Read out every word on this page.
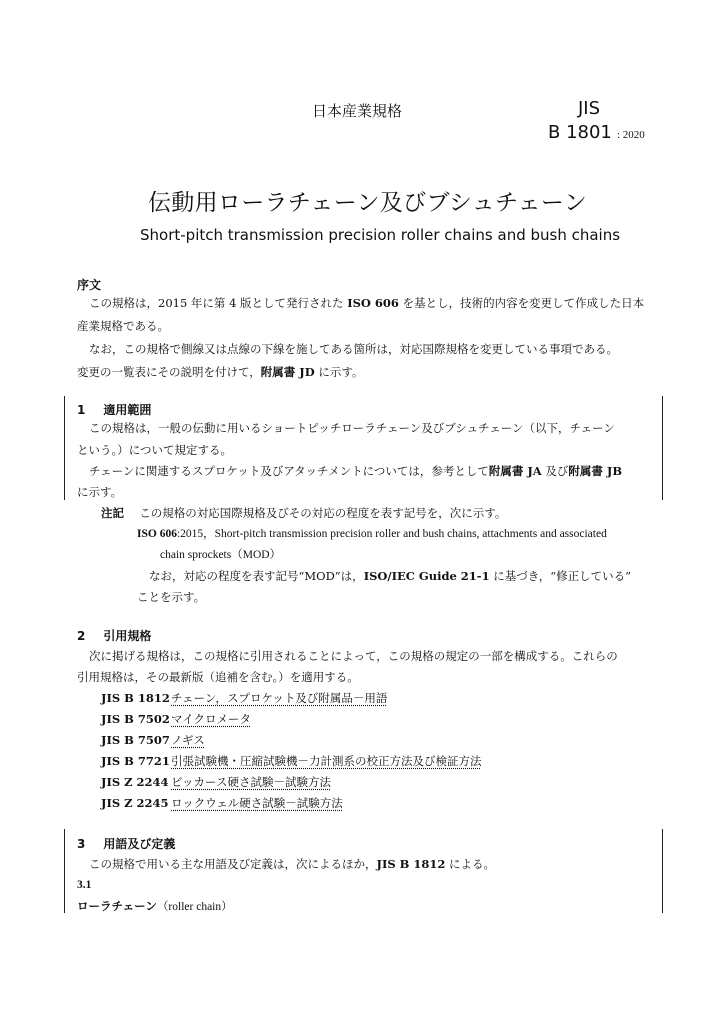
日本産業規格	JIS
B 1801 : 2020
伝動用ローラチェーン及びブシュチェーン
Short-pitch transmission precision roller chains and bush chains
序文
この規格は，2015 年に第 4 版として発行された ISO 606 を基とし，技術的内容を変更して作成した日本
産業規格である。
なお，この規格で側線又は点線の下線を施してある箇所は，対応国際規格を変更している事項である。
変更の一覧表にその説明を付けて，附属書 JD に示す。
1 適用範囲
この規格は，一般の伝動に用いるショートピッチローラチェーン及びブシュチェーン（以下，チェーン
という。）について規定する。
チェーンに関連するスプロケット及びアタッチメントについては，参考として附属書 JA 及び附属書 JB
に示す。
注記 この規格の対応国際規格及びその対応の程度を表す記号を，次に示す。
ISO 606:2015，Short-pitch transmission precision roller and bush chains, attachments and associated
chain sprockets（MOD）
なお，対応の程度を表す記号“MOD”は，ISO/IEC Guide 21-1 に基づき，“修正している”
ことを示す。
2 引用規格
次に掲げる規格は，この規格に引用されることによって，この規格の規定の一部を構成する。これらの
引用規格は，その最新版（追補を含む。）を適用する。
JIS B 1812チェーン，スプロケット及び附属品－用語
JIS B 7502マイクロメータ
JIS B 7507ノギス
JIS B 7721引張試験機・圧縮試験機－力計測系の校正方法及び検証方法
JIS Z 2244 ビッカース硬さ試験－試験方法
JIS Z 2245 ロックウェル硬さ試験－試験方法
3 用語及び定義
この規格で用いる主な用語及び定義は，次によるほか，JIS B 1812 による。
3.1
ローラチェーン（roller chain）
